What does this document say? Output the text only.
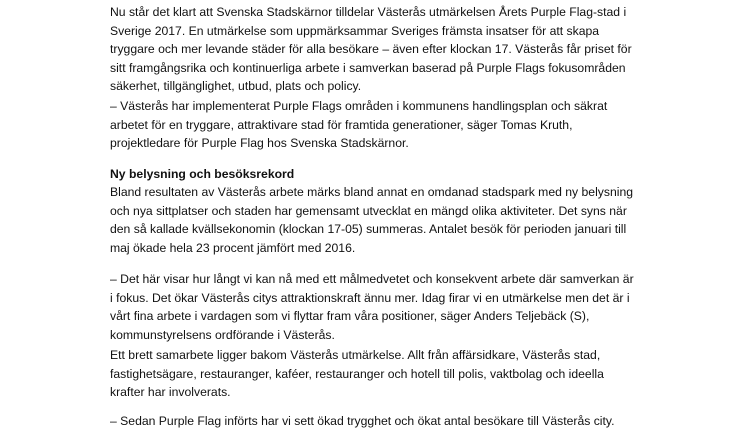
Nu står det klart att Svenska Stadskärnor tilldelar Västerås utmärkelsen Årets Purple Flag-stad i
Sverige 2017. En utmärkelse som uppmärksammar Sveriges främsta insatser för att skapa
tryggare och mer levande städer för alla besökare – även efter klockan 17. Västerås får priset för
sitt framgångsrika och kontinuerliga arbete i samverkan baserad på Purple Flags fokusområden
säkerhet, tillgänglighet, utbud, plats och policy.

– Västerås har implementerat Purple Flags områden i kommunens handlingsplan och säkrat
arbetet för en tryggare, attraktivare stad för framtida generationer, säger Tomas Kruth,
projektledare för Purple Flag hos Svenska Stadskärnor.

Ny belysning och besöksrekord

Bland resultaten av Västerås arbete märks bland annat en omdanad stadspark med ny belysning
och nya sittplatser och staden har gemensamt utvecklat en mängd olika aktiviteter. Det syns när
den så kallade kvällsekonomin (klockan 17-05) summeras. Antalet besök för perioden januari till
maj ökade hela 23 procent jämfört med 2016.

– Det här visar hur långt vi kan nå med ett målmedvetet och konsekvent arbete där samverkan är
i fokus. Det ökar Västerås citys attraktionskraft ännu mer. Idag firar vi en utmärkelse men det är i
vårt fina arbete i vardagen som vi flyttar fram våra positioner, säger Anders Teljebäck (S),
kommunstyrelsens ordförande i Västerås.

Ett brett samarbete ligger bakom Västerås utmärkelse. Allt från affärsidkare, Västerås stad,
fastighetsägare, restauranger, kaféer, restauranger och hotell till polis, vaktbolag och ideella
krafter har involverats.

– Sedan Purple Flag införts har vi sett ökad trygghet och ökat antal besökare till Västerås city.
